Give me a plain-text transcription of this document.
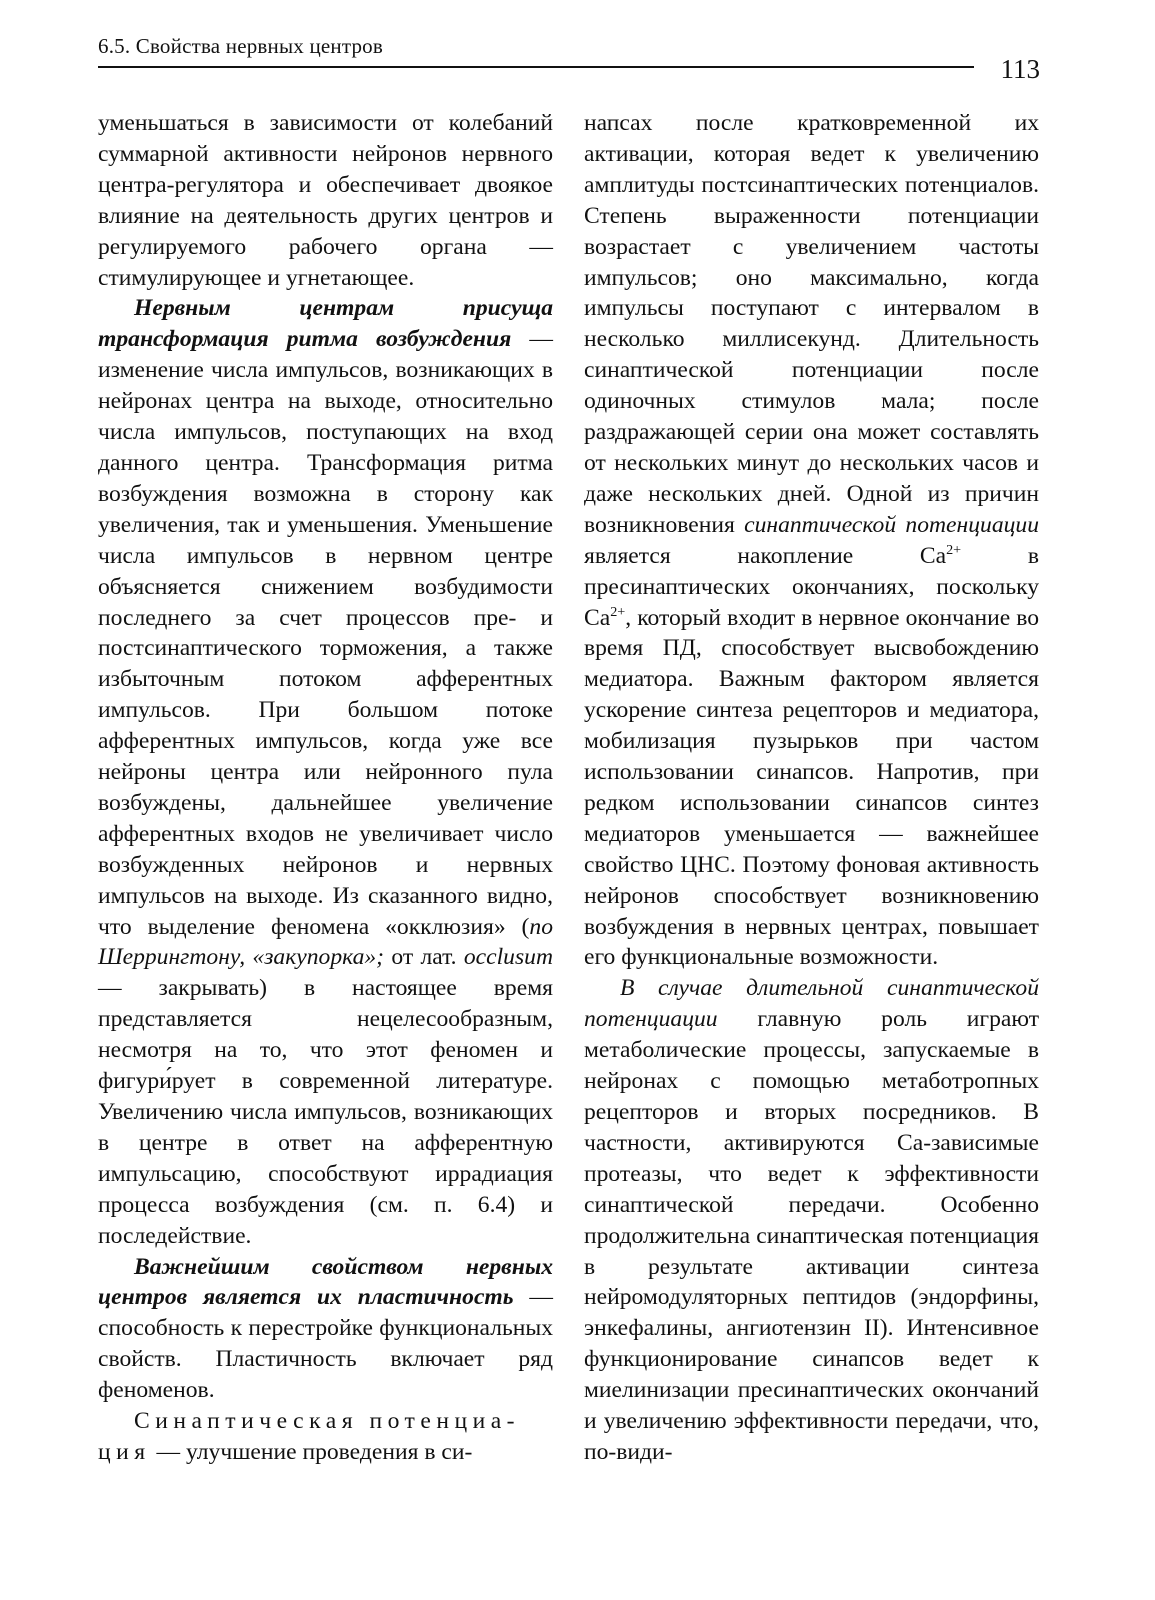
6.5. Свойства нервных центров
113

уменьшаться в зависимости от колебаний суммарной активности нейронов нервного центра-регулятора и обеспечивает двоякое влияние на деятельность других центров и регулируемого рабочего органа — стимулирующее и угнетающее.

Нервным центрам присуща трансформация ритма возбуждения — изменение числа импульсов, возникающих в нейронах центра на выходе, относительно числа импульсов, поступающих на вход данного центра. Трансформация ритма возбуждения возможна в сторону как увеличения, так и уменьшения. Уменьшение числа импульсов в нервном центре объясняется снижением возбудимости последнего за счет процессов пре- и постсинаптического торможения, а также избыточным потоком афферентных импульсов. При большом потоке афферентных импульсов, когда уже все нейроны центра или нейронного пула возбуждены, дальнейшее увеличение афферентных входов не увеличивает число возбужденных нейронов и нервных импульсов на выходе. Из сказанного видно, что выделение феномена «окклюзия» (по Шеррингтону, «закупорка»; от лат. occlusum — закрывать) в настоящее время представляется нецелесообразным, несмотря на то, что этот феномен и фигури́рует в современной литературе. Увеличению числа импульсов, возникающих в центре в ответ на афферентную импульсацию, способствуют иррадиация процесса возбуждения (см. п. 6.4) и последействие.

Важнейшим свойством нервных центров является их пластичность — способность к перестройке функциональных свойств. Пластичность включает ряд феноменов.

Синаптическая потенциа-
ция — улучшение проведения в си-

напсах после кратковременной их активации, которая ведет к увеличению амплитуды постсинаптических потенциалов. Степень выраженности потенциации возрастает с увеличением частоты импульсов; оно максимально, когда импульсы поступают с интервалом в несколько миллисекунд. Длительность синаптической потенциации после одиночных стимулов мала; после раздражающей серии она может составлять от нескольких минут до нескольких часов и даже нескольких дней. Одной из причин возникновения синаптической потенциации является накопление $Са^{2+}$ в пресинаптических окончаниях, поскольку $Са^{2+}$, который входит в нервное окончание во время ПД, способствует высвобождению медиатора. Важным фактором является ускорение синтеза рецепторов и медиатора, мобилизация пузырьков при частом использовании синапсов. Напротив, при редком использовании синапсов синтез медиаторов уменьшается — важнейшее свойство ЦНС. Поэтому фоновая активность нейронов способствует возникновению возбуждения в нервных центрах, повышает его функциональные возможности.

В случае длительной синаптической потенциации главную роль играют метаболические процессы, запускаемые в нейронах с помощью метаботропных рецепторов и вторых посредников. В частности, активируются Са-зависимые протеазы, что ведет к эффективности синаптической передачи. Особенно продолжительна синаптическая потенциация в результате активации синтеза нейромодуляторных пептидов (эндорфины, энкефалины, ангиотензин II). Интенсивное функционирование синапсов ведет к миелинизации пресинаптических окончаний и увеличению эффективности передачи, что, по-види-
